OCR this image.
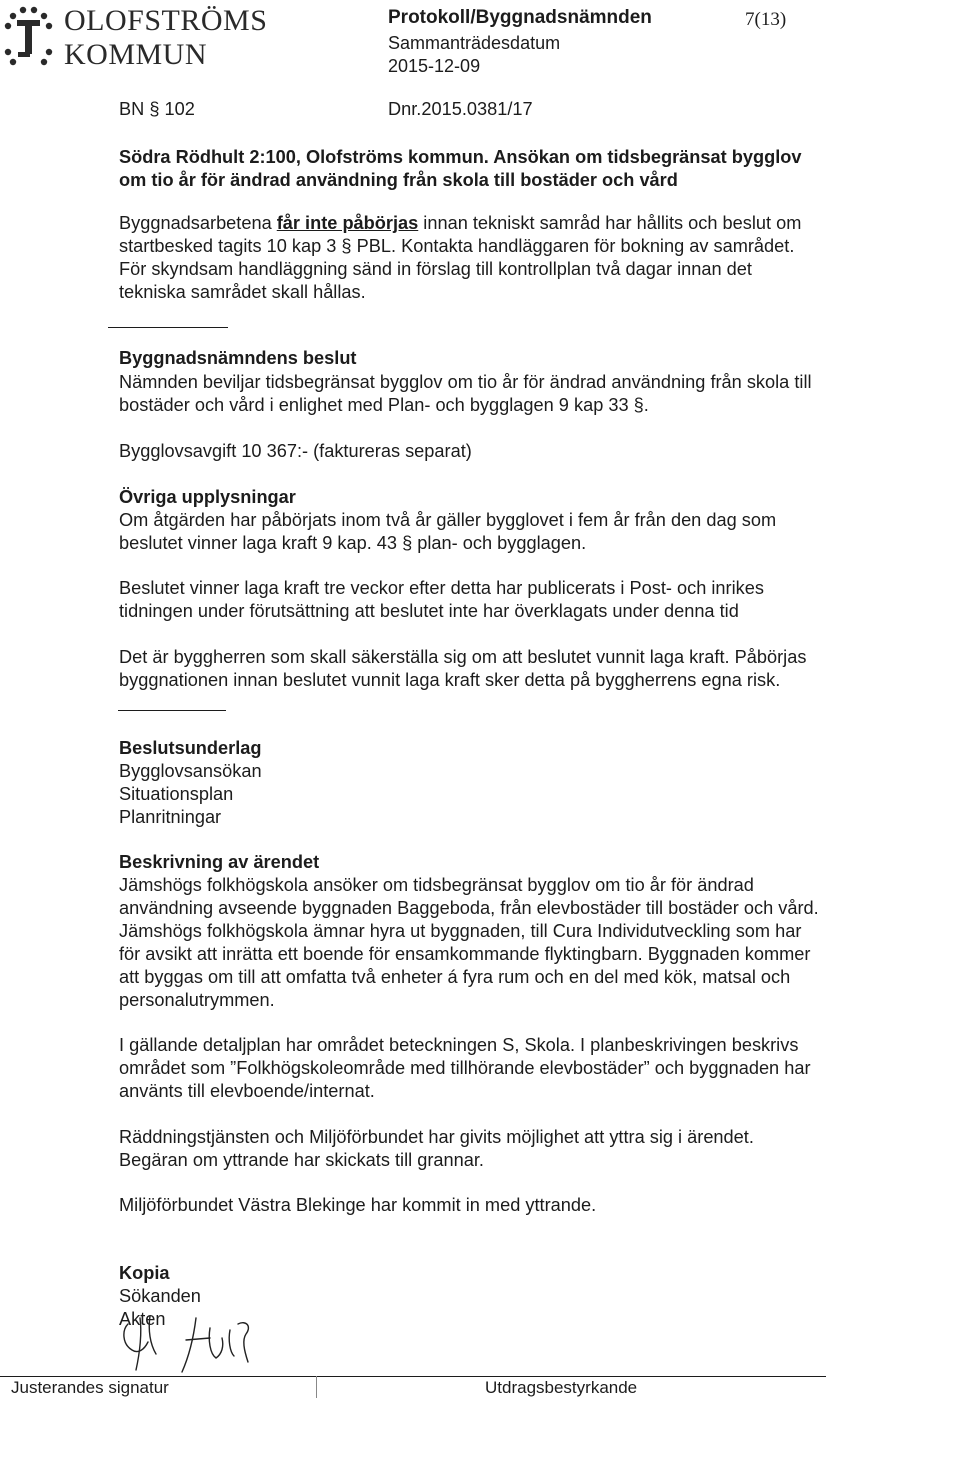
OLOFSTRÖMS
KOMMUN
Protokoll/Byggnadsnämnden
Sammanträdesdatum
2015-12-09
7(13)
BN § 102	Dnr.2015.0381/17
Södra Rödhult 2:100, Olofströms kommun. Ansökan om tidsbegränsat bygglov
om tio år för ändrad användning från skola till bostäder och vård
Byggnadsarbetena får inte påbörjas innan tekniskt samråd har hållits och beslut om
startbesked tagits 10 kap 3 § PBL. Kontakta handläggaren för bokning av samrådet.
För skyndsam handläggning sänd in förslag till kontrollplan två dagar innan det
tekniska samrådet skall hållas.
Byggnadsnämndens beslut
Nämnden beviljar tidsbegränsat bygglov om tio år för ändrad användning från skola till
bostäder och vård i enlighet med Plan- och bygglagen 9 kap 33 §.
Bygglovsavgift 10 367:- (faktureras separat)
Övriga upplysningar
Om åtgärden har påbörjats inom två år gäller bygglovet i fem år från den dag som
beslutet vinner laga kraft 9 kap. 43 § plan- och bygglagen.
Beslutet vinner laga kraft tre veckor efter detta har publicerats i Post- och inrikes
tidningen under förutsättning att beslutet inte har överklagats under denna tid
Det är byggherren som skall säkerställa sig om att beslutet vunnit laga kraft. Påbörjas
byggnationen innan beslutet vunnit laga kraft sker detta på byggherrens egna risk.
Beslutsunderlag
Bygglovsansökan
Situationsplan
Planritningar
Beskrivning av ärendet
Jämshögs folkhögskola ansöker om tidsbegränsat bygglov om tio år för ändrad
användning avseende byggnaden Baggeboda, från elevbostäder till bostäder och vård.
Jämshögs folkhögskola ämnar hyra ut byggnaden, till Cura Individutveckling som har
för avsikt att inrätta ett boende för ensamkommande flyktingbarn. Byggnaden kommer
att byggas om till att omfatta två enheter á fyra rum och en del med kök, matsal och
personalutrymmen.
I gällande detaljplan har området beteckningen S, Skola. I planbeskrivingen beskrivs
området som ”Folkhögskoleområde med tillhörande elevbostäder” och byggnaden har
använts till elevboende/internat.
Räddningstjänsten och Miljöförbundet har givits möjlighet att yttra sig i ärendet.
Begäran om yttrande har skickats till grannar.
Miljöförbundet Västra Blekinge har kommit in med yttrande.
Kopia
Sökanden
Akten
Justerandes signatur	Utdragsbestyrkande
